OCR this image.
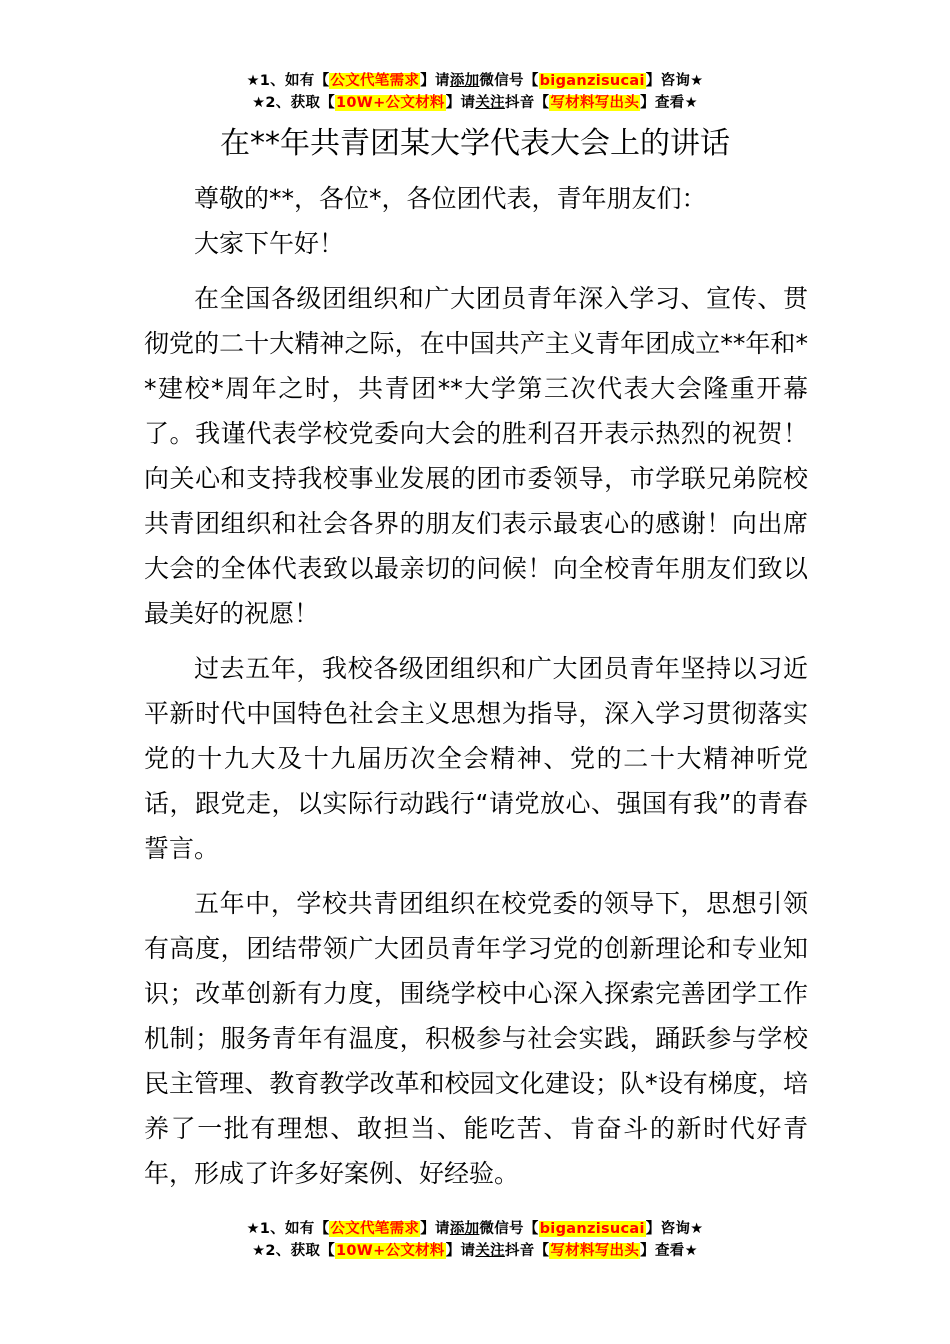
★1、如有【公文代笔需求】请添加微信号【biganzisucai】咨询★
★2、获取【10W+公文材料】请关注抖音【写材料写出头】查看★
在**年共青团某大学代表大会上的讲话

尊敬的**，各位*，各位团代表，青年朋友们：

大家下午好！

在全国各级团组织和广大团员青年深入学习、宣传、贯彻党的二十大精神之际，在中国共产主义青年团成立**年和**建校*周年之时，共青团**大学第三次代表大会隆重开幕了。我谨代表学校党委向大会的胜利召开表示热烈的祝贺！向关心和支持我校事业发展的团市委领导，市学联兄弟院校共青团组织和社会各界的朋友们表示最衷心的感谢！向出席大会的全体代表致以最亲切的问候！向全校青年朋友们致以最美好的祝愿！

过去五年，我校各级团组织和广大团员青年坚持以习近平新时代中国特色社会主义思想为指导，深入学习贯彻落实党的十九大及十九届历次全会精神、党的二十大精神听党话，跟党走，以实际行动践行“请党放心、强国有我”的青春誓言。

五年中，学校共青团组织在校党委的领导下，思想引领有高度，团结带领广大团员青年学习党的创新理论和专业知识；改革创新有力度，围绕学校中心深入探索完善团学工作机制；服务青年有温度，积极参与社会实践，踊跃参与学校民主管理、教育教学改革和校园文化建设；队*设有梯度，培养了一批有理想、敢担当、能吃苦、肯奋斗的新时代好青年，形成了许多好案例、好经验。

★1、如有【公文代笔需求】请添加微信号【biganzisucai】咨询★
★2、获取【10W+公文材料】请关注抖音【写材料写出头】查看★
